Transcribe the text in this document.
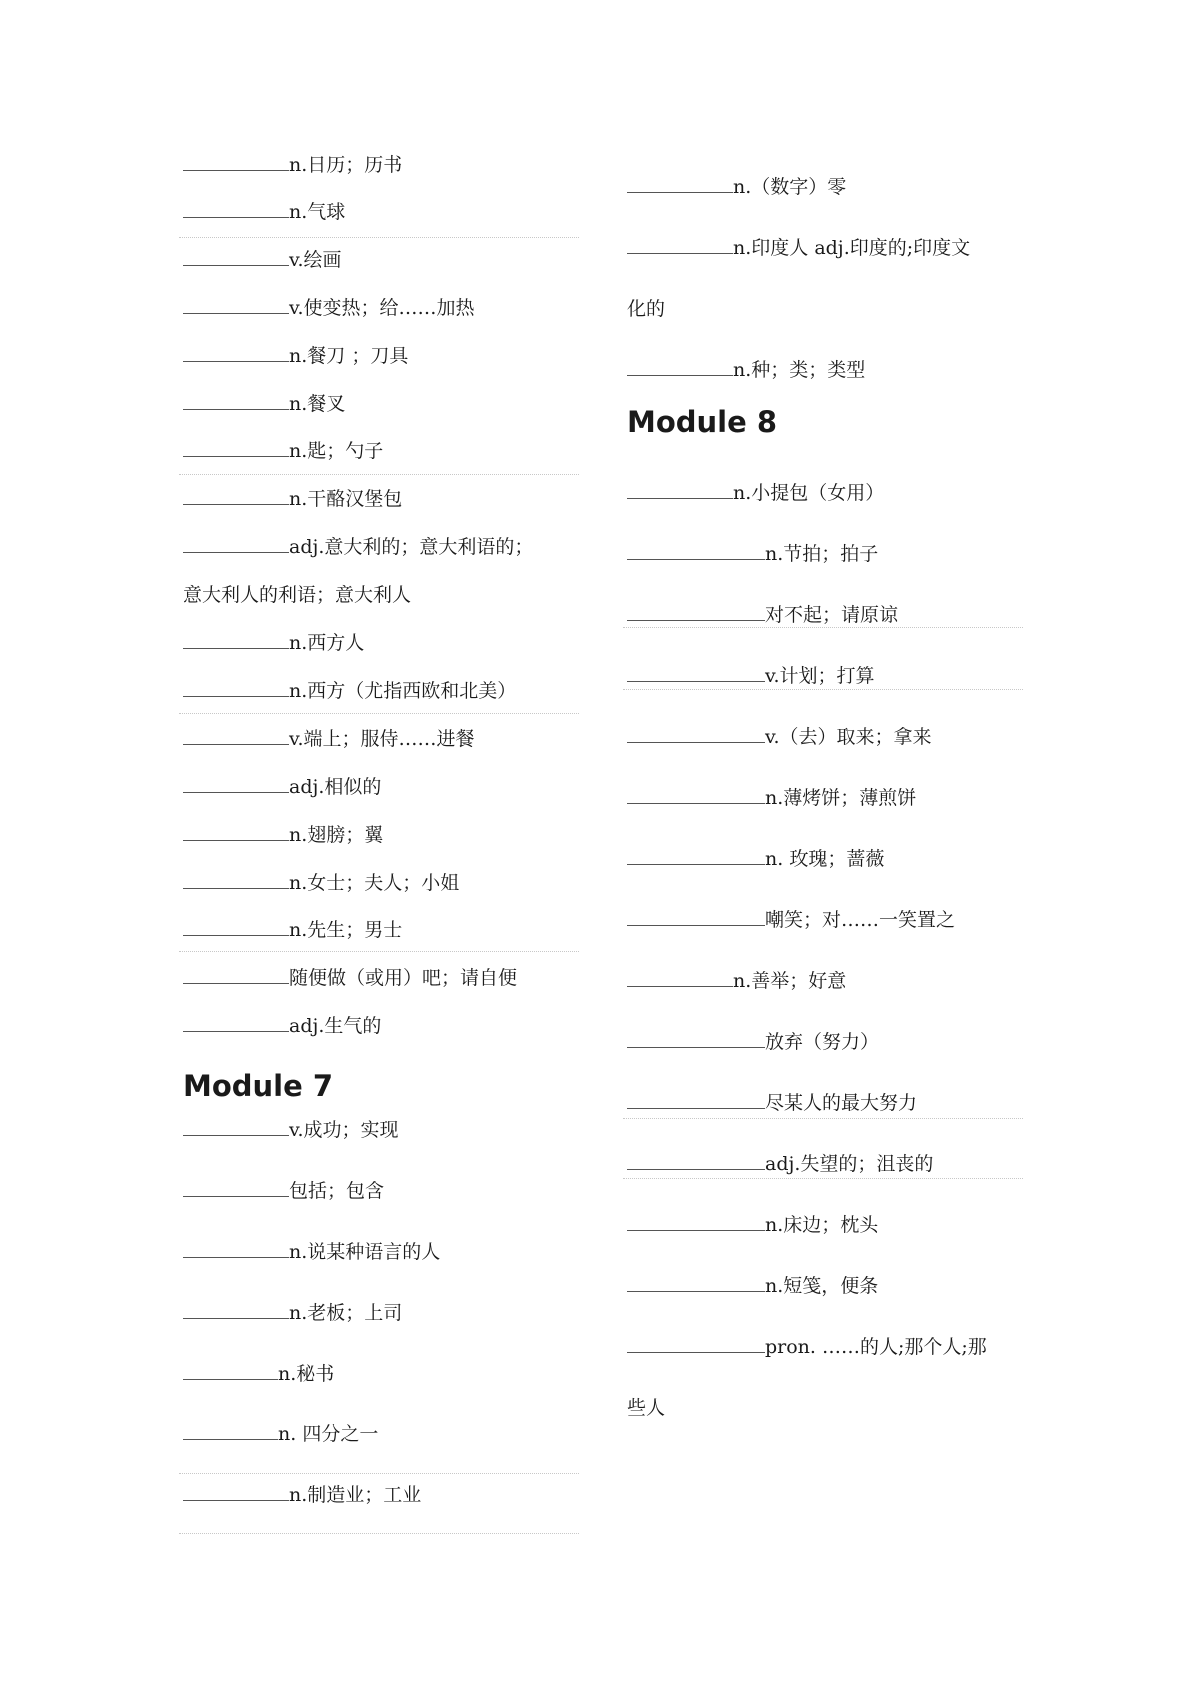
n.日历；历书
n.气球
v.绘画
v.使变热；给……加热
n.餐刀 ；刀具
n.餐叉
n.匙；勺子
n.干酪汉堡包
adj.意大利的；意大利语的；
意大利人的利语；意大利人
n.西方人
n.西方（尤指西欧和北美）
v.端上；服侍……进餐
adj.相似的
n.翅膀；翼
n.女士；夫人；小姐
n.先生；男士
随便做（或用）吧；请自便
adj.生气的
Module 7
v.成功；实现
包括；包含
n.说某种语言的人
n.老板；上司
n.秘书
n. 四分之一
n.制造业；工业
n.（数字）零
n.印度人 adj.印度的;印度文
化的
n.种；类；类型
Module 8
n.小提包（女用）
n.节拍；拍子
对不起；请原谅
v.计划；打算
v.（去）取来；拿来
n.薄烤饼；薄煎饼
n. 玫瑰；蔷薇
嘲笑；对……一笑置之
n.善举；好意
放弃（努力）
尽某人的最大努力
adj.失望的；沮丧的
n.床边；枕头
n.短笺，便条
pron. ……的人;那个人;那
些人
